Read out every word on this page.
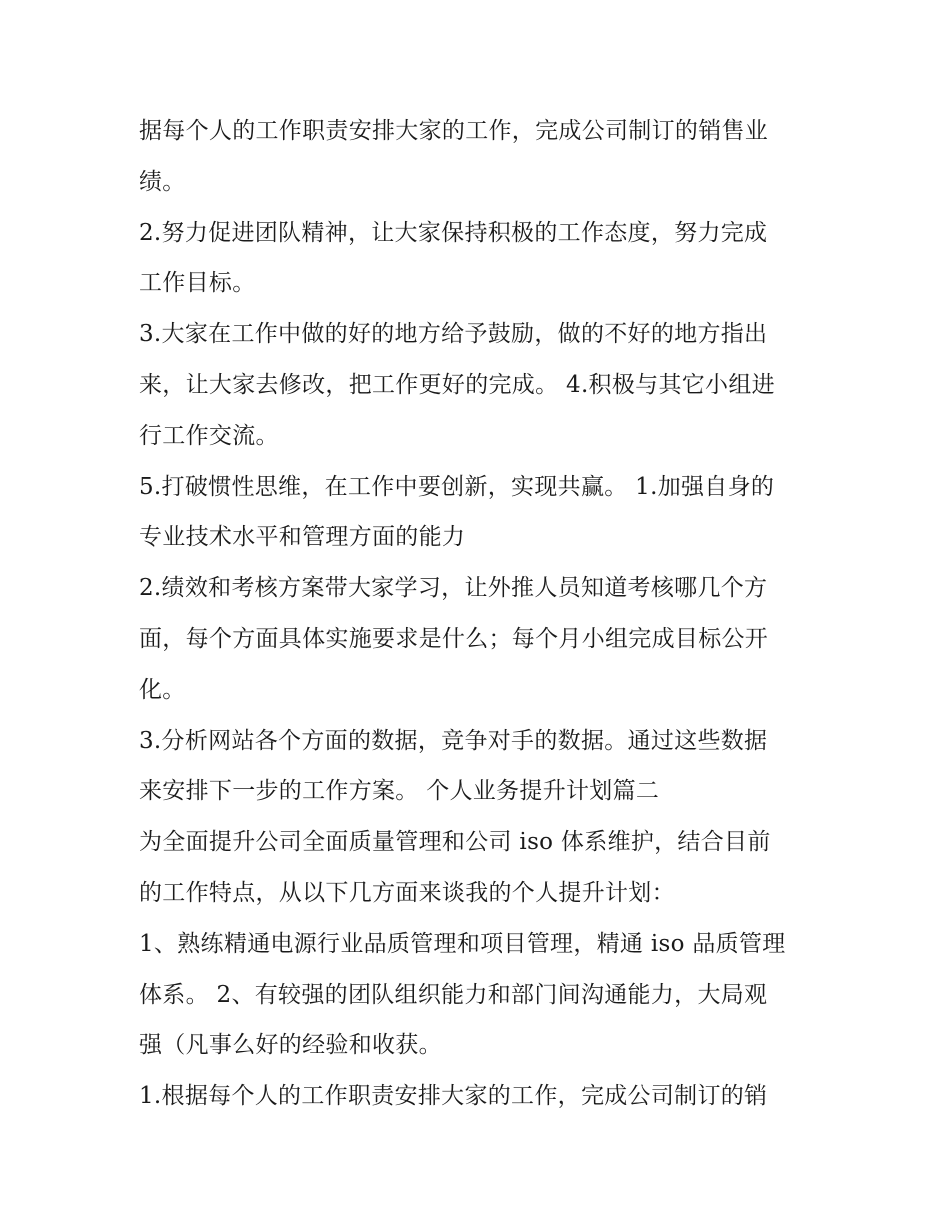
据每个人的工作职责安排大家的工作，完成公司制订的销售业
绩。
2.努力促进团队精神，让大家保持积极的工作态度，努力完成
工作目标。
3.大家在工作中做的好的地方给予鼓励，做的不好的地方指出
来，让大家去修改，把工作更好的完成。 4.积极与其它小组进
行工作交流。
5.打破惯性思维，在工作中要创新，实现共赢。 1.加强自身的
专业技术水平和管理方面的能力
2.绩效和考核方案带大家学习，让外推人员知道考核哪几个方
面，每个方面具体实施要求是什么；每个月小组完成目标公开
化。
3.分析网站各个方面的数据，竞争对手的数据。通过这些数据
来安排下一步的工作方案。 个人业务提升计划篇二
为全面提升公司全面质量管理和公司 iso 体系维护，结合目前
的工作特点，从以下几方面来谈我的个人提升计划：
1、熟练精通电源行业品质管理和项目管理，精通 iso 品质管理
体系。 2、有较强的团队组织能力和部门间沟通能力，大局观
强（凡事么好的经验和收获。
1.根据每个人的工作职责安排大家的工作，完成公司制订的销
